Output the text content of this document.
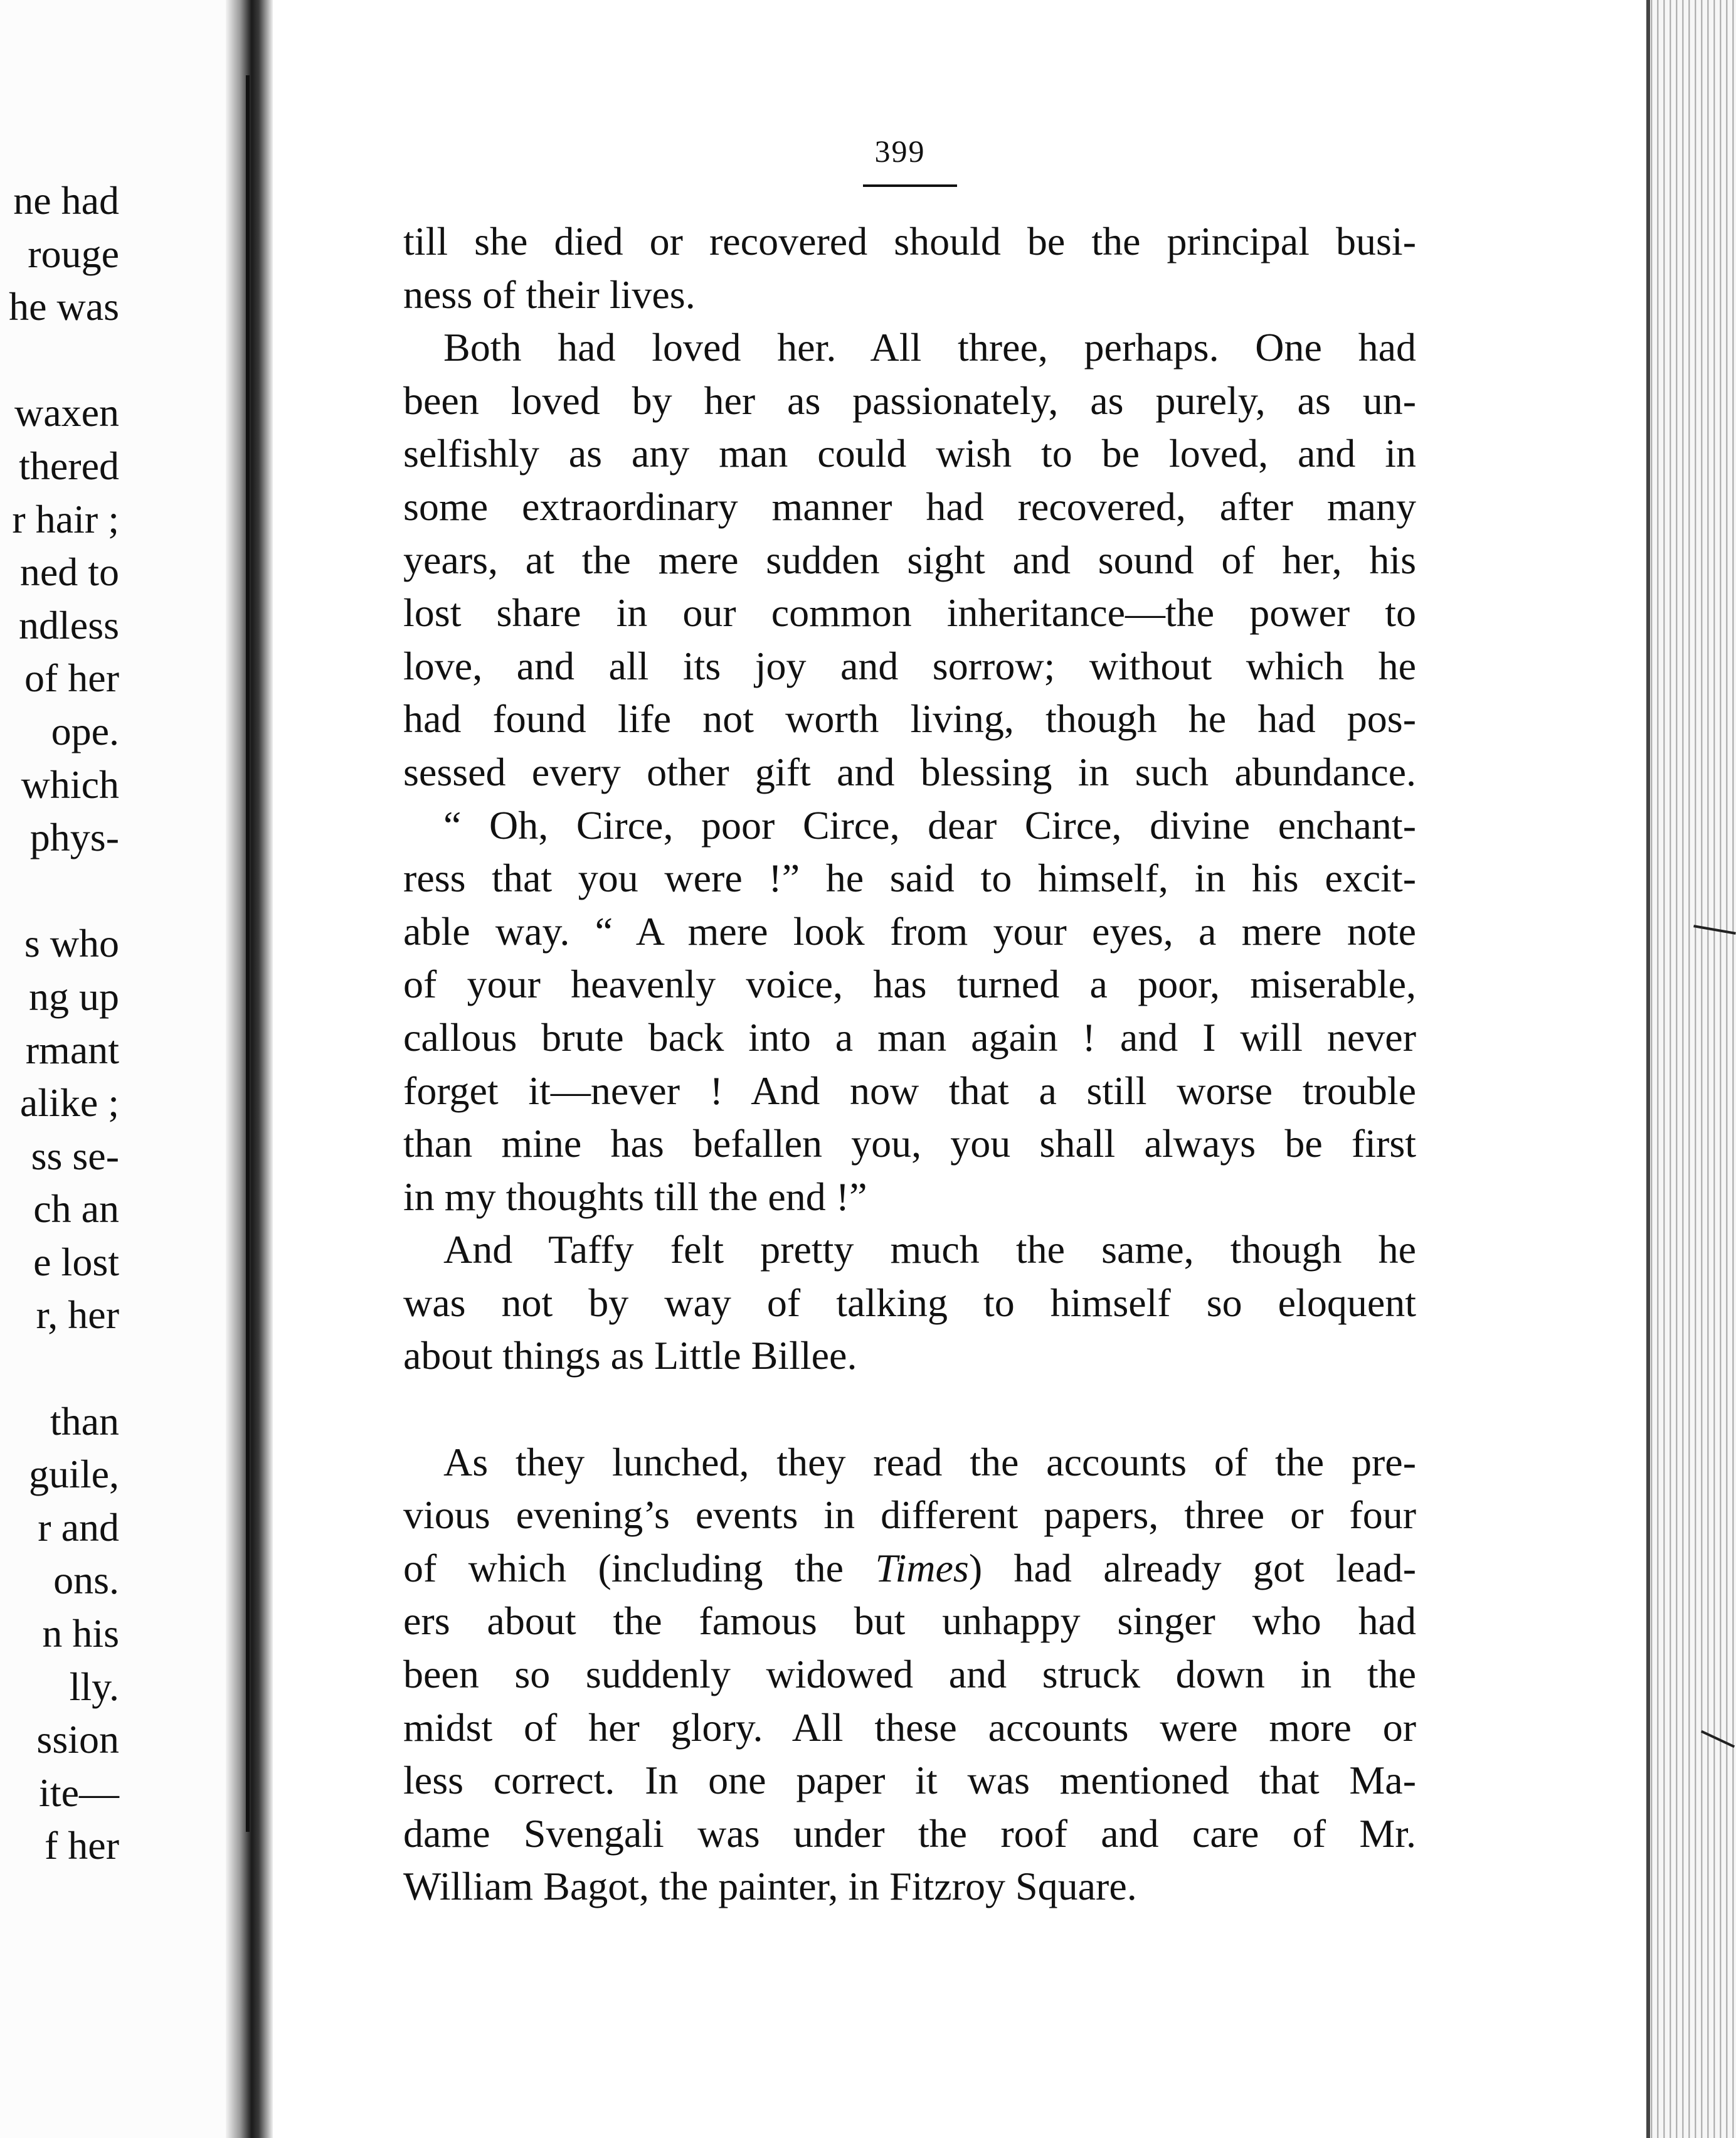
ne had
rouge
he was
waxen
thered
r hair ;
ned to
ndless
of her
ope.
which
phys-
s who
ng up
rmant
alike ;
ss se-
ch an
e lost
r, her
than
guile,
r and
ons.
n his
lly.
ssion
ite—
f her
399
till she died or recovered should be the principal busi-
ness of their lives.
 Both had loved her. All three, perhaps. One had
been loved by her as passionately, as purely, as un-
selfishly as any man could wish to be loved, and in
some extraordinary manner had recovered, after many
years, at the mere sudden sight and sound of her, his
lost share in our common inheritance—the power to
love, and all its joy and sorrow; without which he
had found life not worth living, though he had pos-
sessed every other gift and blessing in such abundance.
 “ Oh, Circe, poor Circe, dear Circe, divine enchant-
ress that you were !” he said to himself, in his excit-
able way. “ A mere look from your eyes, a mere note
of your heavenly voice, has turned a poor, miserable,
callous brute back into a man again ! and I will never
forget it—never ! And now that a still worse trouble
than mine has befallen you, you shall always be first
in my thoughts till the end !”
 And Taffy felt pretty much the same, though he
was not by way of talking to himself so eloquent
about things as Little Billee.
 As they lunched, they read the accounts of the pre-
vious evening’s events in different papers, three or four
of which (including the Times) had already got lead-
ers about the famous but unhappy singer who had
been so suddenly widowed and struck down in the
midst of her glory. All these accounts were more or
less correct. In one paper it was mentioned that Ma-
dame Svengali was under the roof and care of Mr.
William Bagot, the painter, in Fitzroy Square.
